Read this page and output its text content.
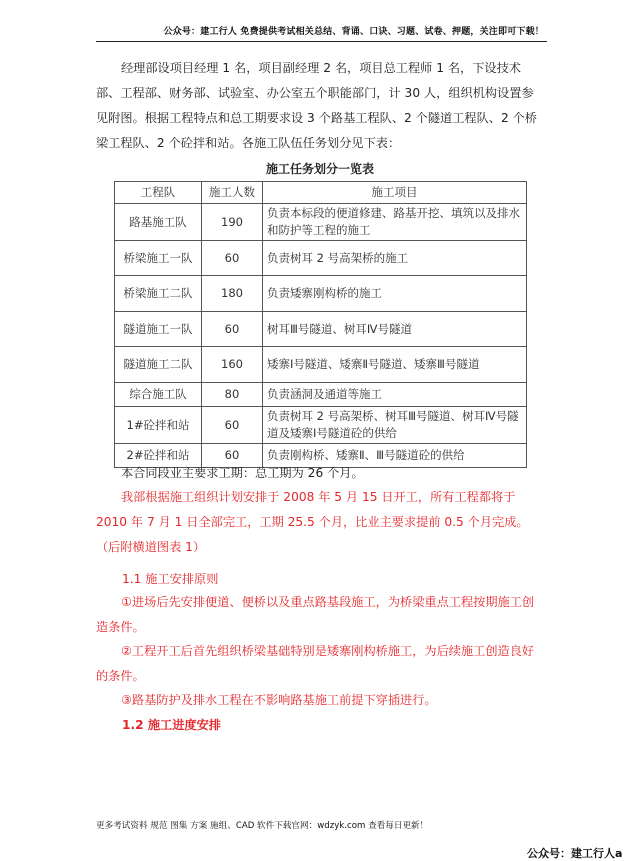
公众号：建工行人 免费提供考试相关总结、背诵、口诀、习题、试卷、押题，关注即可下载！

经理部设项目经理 1 名，项目副经理 2 名，项目总工程师 1 名，下设技术部、工程部、财务部、试验室、办公室五个职能部门，计 30 人，组织机构设置参见附图。根据工程特点和总工期要求设 3 个路基工程队、2 个隧道工程队、2 个桥梁工程队、2 个砼拌和站。各施工队伍任务划分见下表：

施工任务划分一览表

工程队	施工人数	施工项目
路基施工队	190	负责本标段的便道修建、路基开挖、填筑以及排水和防护等工程的施工
桥梁施工一队	60	负责树耳 2 号高架桥的施工
桥梁施工二队	180	负责矮寨刚构桥的施工
隧道施工一队	60	树耳Ⅲ号隧道、树耳Ⅳ号隧道
隧道施工二队	160	矮寨Ⅰ号隧道、矮寨Ⅱ号隧道、矮寨Ⅲ号隧道
综合施工队	80	负责涵洞及通道等施工
1#砼拌和站	60	负责树耳 2 号高架桥、树耳Ⅲ号隧道、树耳Ⅳ号隧道及矮寨Ⅰ号隧道砼的供给
2#砼拌和站	60	负责刚构桥、矮寨Ⅱ、Ⅲ号隧道砼的供给

本合同段业主要求工期：总工期为 26 个月。

我部根据施工组织计划安排于 2008 年 5 月 15 日开工，所有工程都将于 2010 年 7 月 1 日全部完工，工期 25.5 个月，比业主要求提前 0.5 个月完成。（后附横道图表 1）

1.1 施工安排原则

①进场后先安排便道、便桥以及重点路基段施工，为桥梁重点工程按期施工创造条件。

②工程开工后首先组织桥梁基础特别是矮寨刚构桥施工，为后续施工创造良好的条件。

③路基防护及排水工程在不影响路基施工前提下穿插进行。

1.2 施工进度安排

更多考试资料 规范 图集 方案 施组、CAD 软件下载官网：wdzyk.com 查看每日更新！
公众号：建工行人a
